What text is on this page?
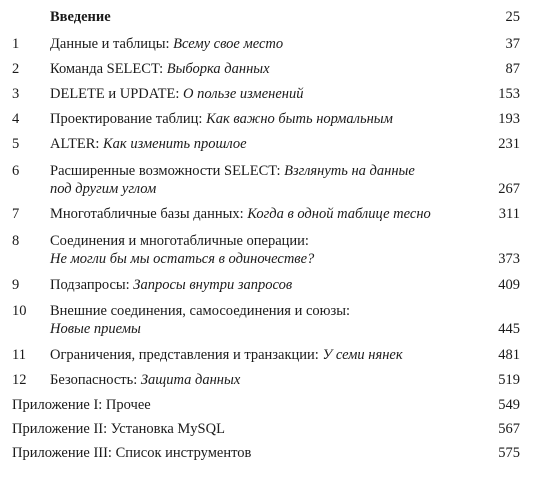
Введение	25
1	Данные и таблицы: Всему свое место	37
2	Команда SELECT: Выборка данных	87
3	DELETE и UPDATE: О пользе изменений	153
4	Проектирование таблиц: Как важно быть нормальным	193
5	ALTER: Как изменить прошлое	231
6	Расширенные возможности SELECT: Взглянуть на данные
под другим углом	267
7	Многотабличные базы данных: Когда в одной таблице тесно	311
8	Соединения и многотабличные операции:
Не могли бы мы остаться в одиночестве?	373
9	Подзапросы: Запросы внутри запросов	409
10	Внешние соединения, самосоединения и союзы:
Новые приемы	445
11	Ограничения, представления и транзакции: У семи нянек	481
12	Безопасность: Защита данных	519
Приложение I: Прочее	549
Приложение II: Установка MySQL	567
Приложение III: Список инструментов	575
